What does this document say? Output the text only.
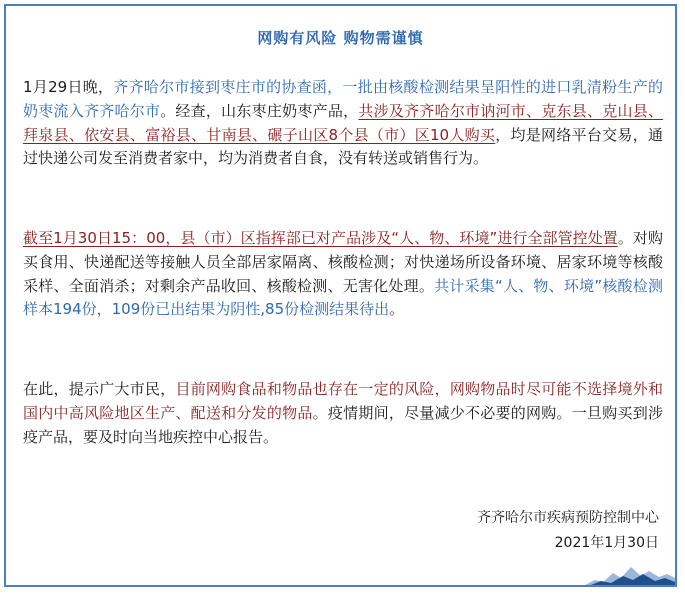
网购有风险 购物需谨慎

1月29日晚，齐齐哈尔市接到枣庄市的协查函，一批由核酸检测结果呈阳性的进口乳清粉生产的奶枣流入齐齐哈尔市。经查，山东枣庄奶枣产品，共涉及齐齐哈尔市讷河市、克东县、克山县、拜泉县、依安县、富裕县、甘南县、碾子山区8个县（市）区10人购买，均是网络平台交易，通过快递公司发至消费者家中，均为消费者自食，没有转送或销售行为。

截至1月30日15：00，县（市）区指挥部已对产品涉及“人、物、环境”进行全部管控处置。对购买食用、快递配送等接触人员全部居家隔离、核酸检测；对快递场所设备环境、居家环境等核酸采样、全面消杀；对剩余产品收回、核酸检测、无害化处理。共计采集“人、物、环境”核酸检测样本194份，109份已出结果为阴性,85份检测结果待出。

在此，提示广大市民，目前网购食品和物品也存在一定的风险，网购物品时尽可能不选择境外和国内中高风险地区生产、配送和分发的物品。疫情期间，尽量减少不必要的网购。一旦购买到涉疫产品，要及时向当地疾控中心报告。

齐齐哈尔市疾病预防控制中心
2021年1月30日
